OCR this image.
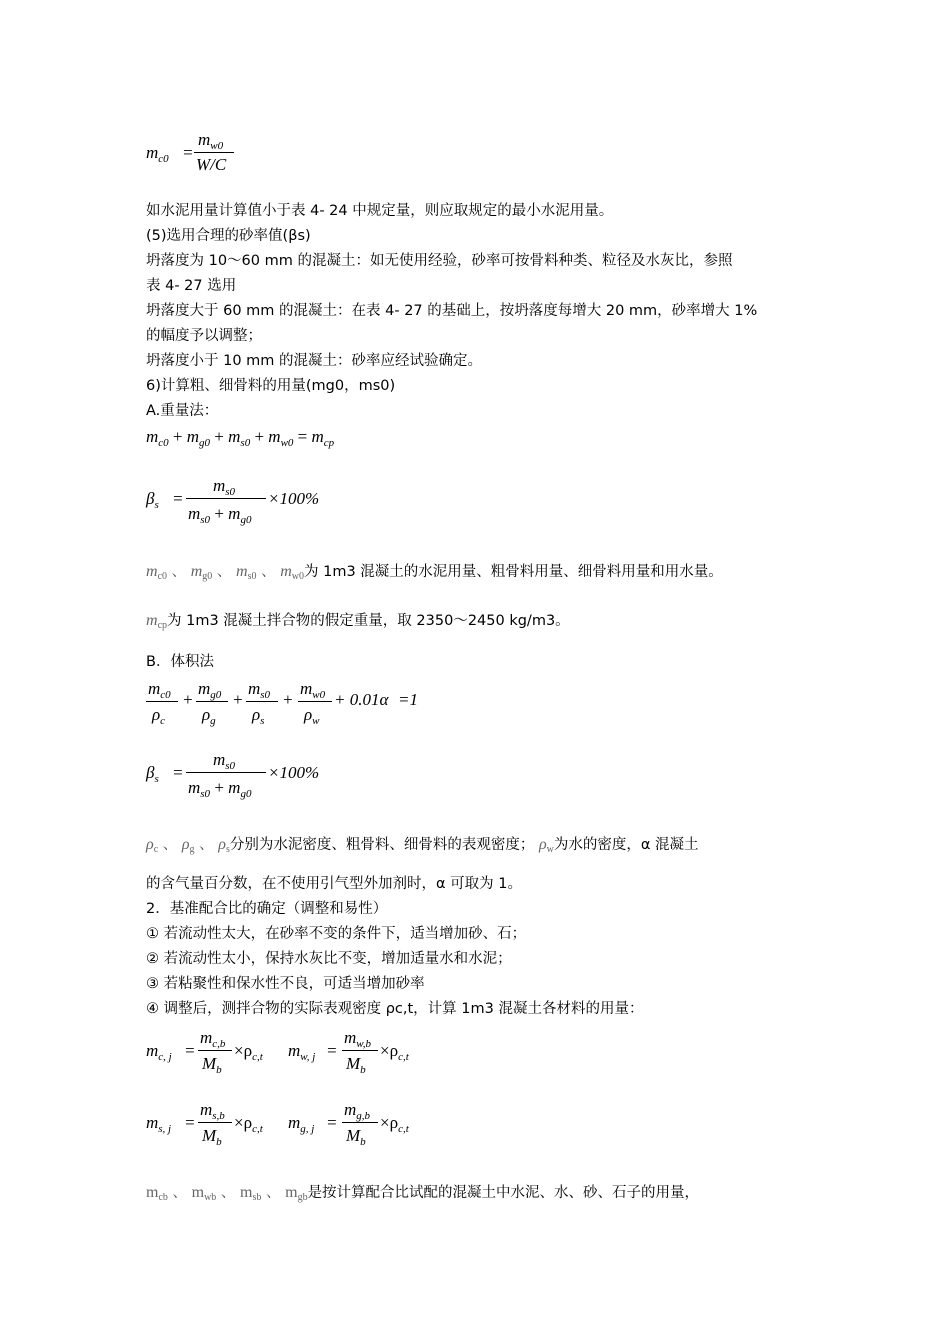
$m_{c0}$ =
$m_{w0}$
W/C
如水泥用量计算值小于表 4- 24 中规定量，则应取规定的最小水泥用量。
(5)选用合理的砂率值(βs)
坍落度为 10～60 mm 的混凝土：如无使用经验，砂率可按骨料种类、粒径及水灰比，参照
表 4- 27 选用
坍落度大于 60 mm 的混凝土：在表 4- 27 的基础上，按坍落度每增大 20 mm，砂率增大 1%
的幅度予以调整；
坍落度小于 10 mm 的混凝土：砂率应经试验确定。
6)计算粗、细骨料的用量(mg0，ms0)
A.重量法：
$m_{c0} + m_{g0} + m_{s0} + m_{w0} = m_{cp}$
$\beta_s$ =
$m_{s0}$
$m_{s0} + m_{g0}$
×100%
mc0 、 mg0 、 ms0 、 mw0为 1m3 混凝土的水泥用量、粗骨料用量、细骨料用量和用水量。
mcp为 1m3 混凝土拌合物的假定重量，取 2350～2450 kg/m3。
B．体积法
$m_{c0}$
$\rho_c$
+
$m_{g0}$
$\rho_g$
+
$m_{s0}$
$\rho_s$
+
$m_{w0}$
$\rho_w$
+ 0.01α =1
$\beta_s$ =
$m_{s0}$
$m_{s0} + m_{g0}$
×100%
ρc 、 ρg 、 ρs分别为水泥密度、粗骨料、细骨料的表观密度； ρw为水的密度，α 混凝土
的含气量百分数，在不使用引气型外加剂时，α 可取为 1。
2．基准配合比的确定（调整和易性）
① 若流动性太大，在砂率不变的条件下，适当增加砂、石；
② 若流动性太小，保持水灰比不变，增加适量水和水泥；
③ 若粘聚性和保水性不良，可适当增加砂率
④ 调整后，测拌合物的实际表观密度 ρc,t，计算 1m3 混凝土各材料的用量：
$m_{c, j}$ =
$m_{c,b}$
$M_b$
$\times\rho_{c,t}$ $m_{w, j}$ =
$m_{w,b}$
$M_b$
$\times\rho_{c,t}$
$m_{s, j}$ =
$m_{s,b}$
$M_b$
$\times\rho_{c,t}$ $m_{g, j}$ =
$m_{g,b}$
$M_b$
$\times\rho_{c,t}$
mcb 、 mwb 、 msb 、 mgb是按计算配合比试配的混凝土中水泥、水、砂、石子的用量，
